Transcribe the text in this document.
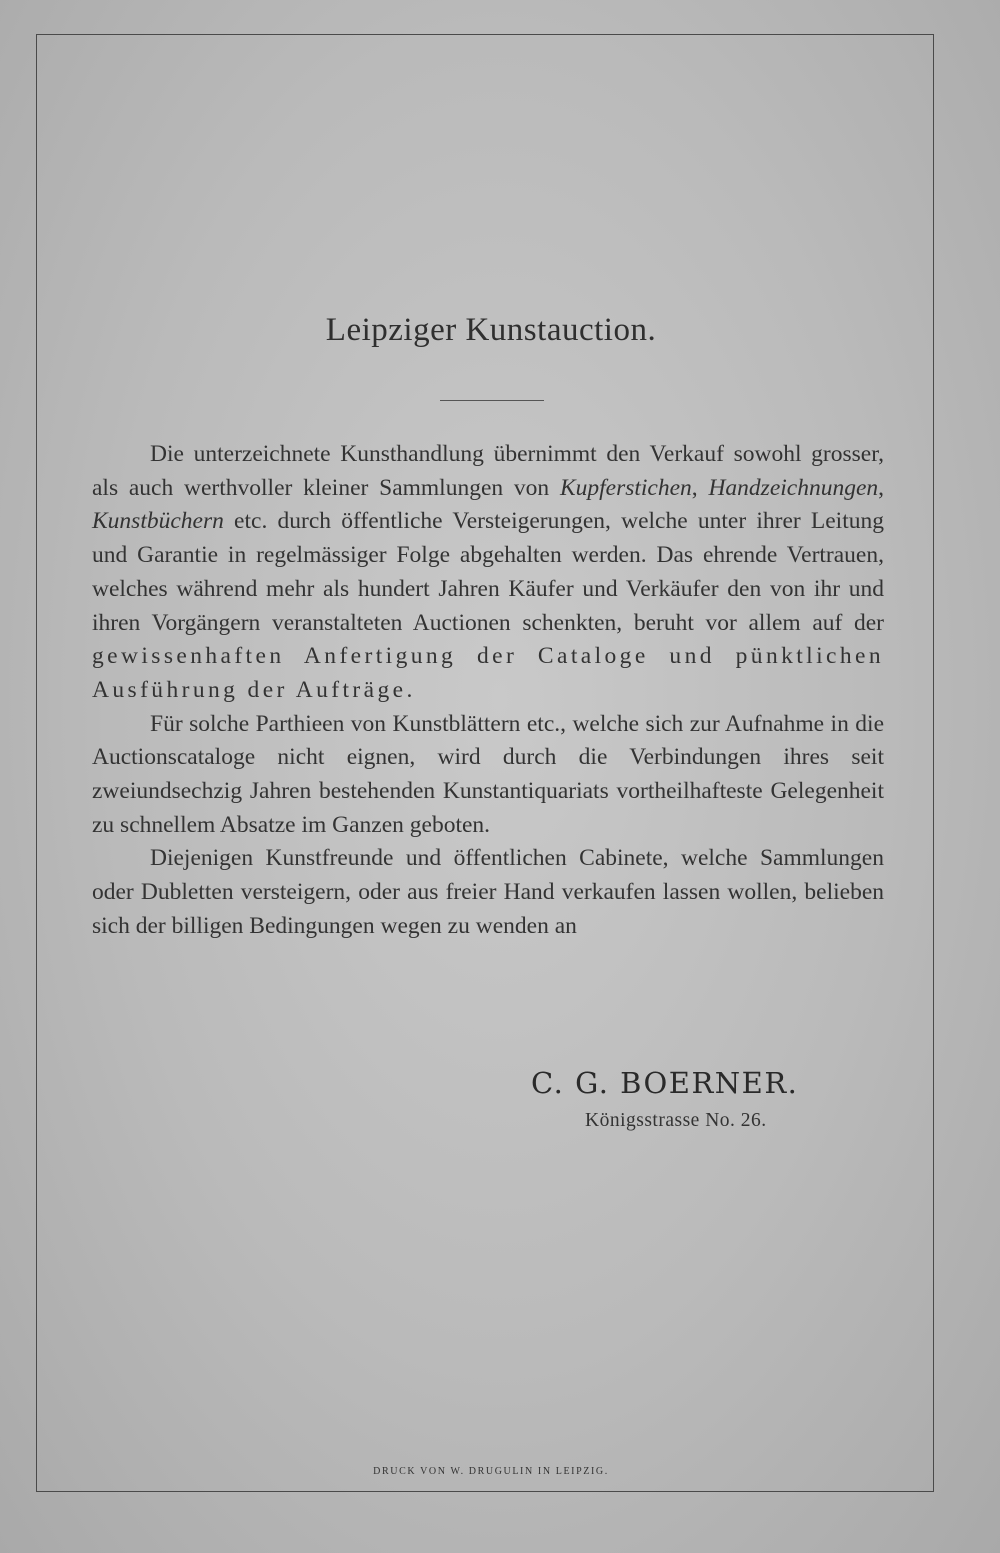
Leipziger Kunstauction.

Die unterzeichnete Kunsthandlung übernimmt den Verkauf sowohl grosser, als auch werthvoller kleiner Sammlungen von Kupferstichen, Handzeichnungen, Kunstbüchern etc. durch öffentliche Versteigerungen, welche unter ihrer Leitung und Garantie in regelmässiger Folge abgehalten werden. Das ehrende Vertrauen, welches während mehr als hundert Jahren Käufer und Verkäufer den von ihr und ihren Vorgängern veranstalteten Auctionen schenkten, beruht vor allem auf der gewissenhaften Anfertigung der Cataloge und pünktlichen Ausführung der Aufträge.

Für solche Parthieen von Kunstblättern etc., welche sich zur Aufnahme in die Auctionscataloge nicht eignen, wird durch die Verbindungen ihres seit zweiundsechzig Jahren bestehenden Kunstantiquariats vortheilhafteste Gelegenheit zu schnellem Absatze im Ganzen geboten.

Diejenigen Kunstfreunde und öffentlichen Cabinete, welche Sammlungen oder Dubletten versteigern, oder aus freier Hand verkaufen lassen wollen, belieben sich der billigen Bedingungen wegen zu wenden an

C. G. BOERNER.
Königsstrasse No. 26.
DRUCK VON W. DRUGULIN IN LEIPZIG.
